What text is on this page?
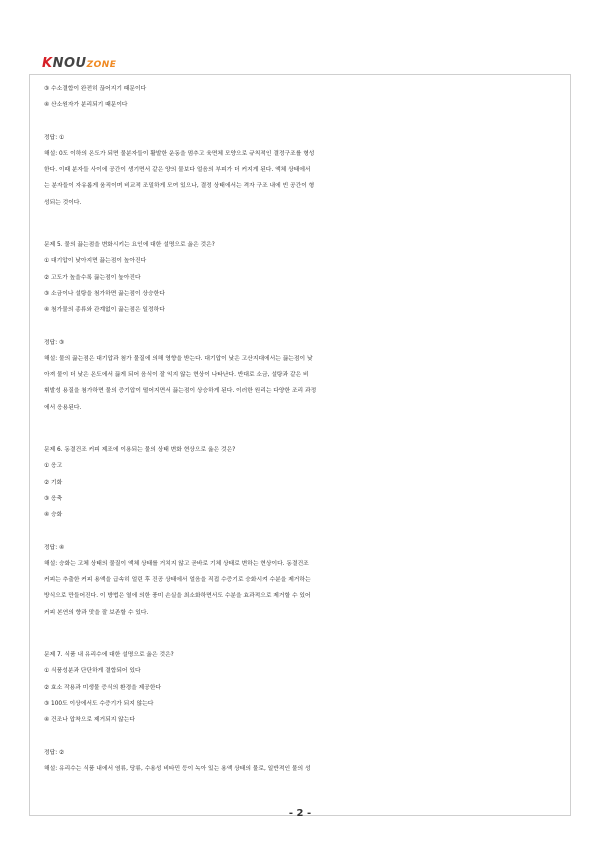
KNOUZONE
③ 수소결합이 완전히 끊어지기 때문이다
④ 산소원자가 분리되기 때문이다
정답: ①
해설: 0도 이하의 온도가 되면 물분자들이 활발한 운동을 멈추고 육면체 모양으로 규칙적인 결정구조를 형성
한다. 이때 분자들 사이에 공간이 생기면서 같은 양의 물보다 얼음의 부피가 더 커지게 된다. 액체 상태에서
는 분자들이 자유롭게 움직이며 비교적 조밀하게 모여 있으나, 결정 상태에서는 격자 구조 내에 빈 공간이 형
성되는 것이다.
문제 5. 물의 끓는점을 변화시키는 요인에 대한 설명으로 옳은 것은?
① 대기압이 낮아지면 끓는점이 높아진다
② 고도가 높을수록 끓는점이 높아진다
③ 소금이나 설탕을 첨가하면 끓는점이 상승한다
④ 첨가물의 종류와 관계없이 끓는점은 일정하다
정답: ③
해설: 물의 끓는점은 대기압과 첨가 물질에 의해 영향을 받는다. 대기압이 낮은 고산지대에서는 끓는점이 낮
아져 물이 더 낮은 온도에서 끓게 되어 음식이 잘 익지 않는 현상이 나타난다. 반대로 소금, 설탕과 같은 비
휘발성 용질을 첨가하면 물의 증기압이 떨어지면서 끓는점이 상승하게 된다. 이러한 원리는 다양한 조리 과정
에서 응용된다.
문제 6. 동결건조 커피 제조에 이용되는 물의 상태 변화 현상으로 옳은 것은?
① 응고
② 기화
③ 응축
④ 승화
정답: ④
해설: 승화는 고체 상태의 물질이 액체 상태를 거치지 않고 곧바로 기체 상태로 변하는 현상이다. 동결건조
커피는 추출한 커피 용액을 급속히 얼린 후 진공 상태에서 얼음을 직접 수증기로 승화시켜 수분을 제거하는
방식으로 만들어진다. 이 방법은 열에 의한 풍미 손실을 최소화하면서도 수분을 효과적으로 제거할 수 있어
커피 본연의 향과 맛을 잘 보존할 수 있다.
문제 7. 식품 내 유리수에 대한 설명으로 옳은 것은?
① 식품성분과 단단하게 결합되어 있다
② 효소 작용과 미생물 증식의 환경을 제공한다
③ 100도 이상에서도 수증기가 되지 않는다
④ 건조나 압착으로 제거되지 않는다
정답: ②
해설: 유리수는 식품 내에서 염류, 당류, 수용성 비타민 등이 녹아 있는 용액 상태의 물로, 일반적인 물의 성
- 2 -
